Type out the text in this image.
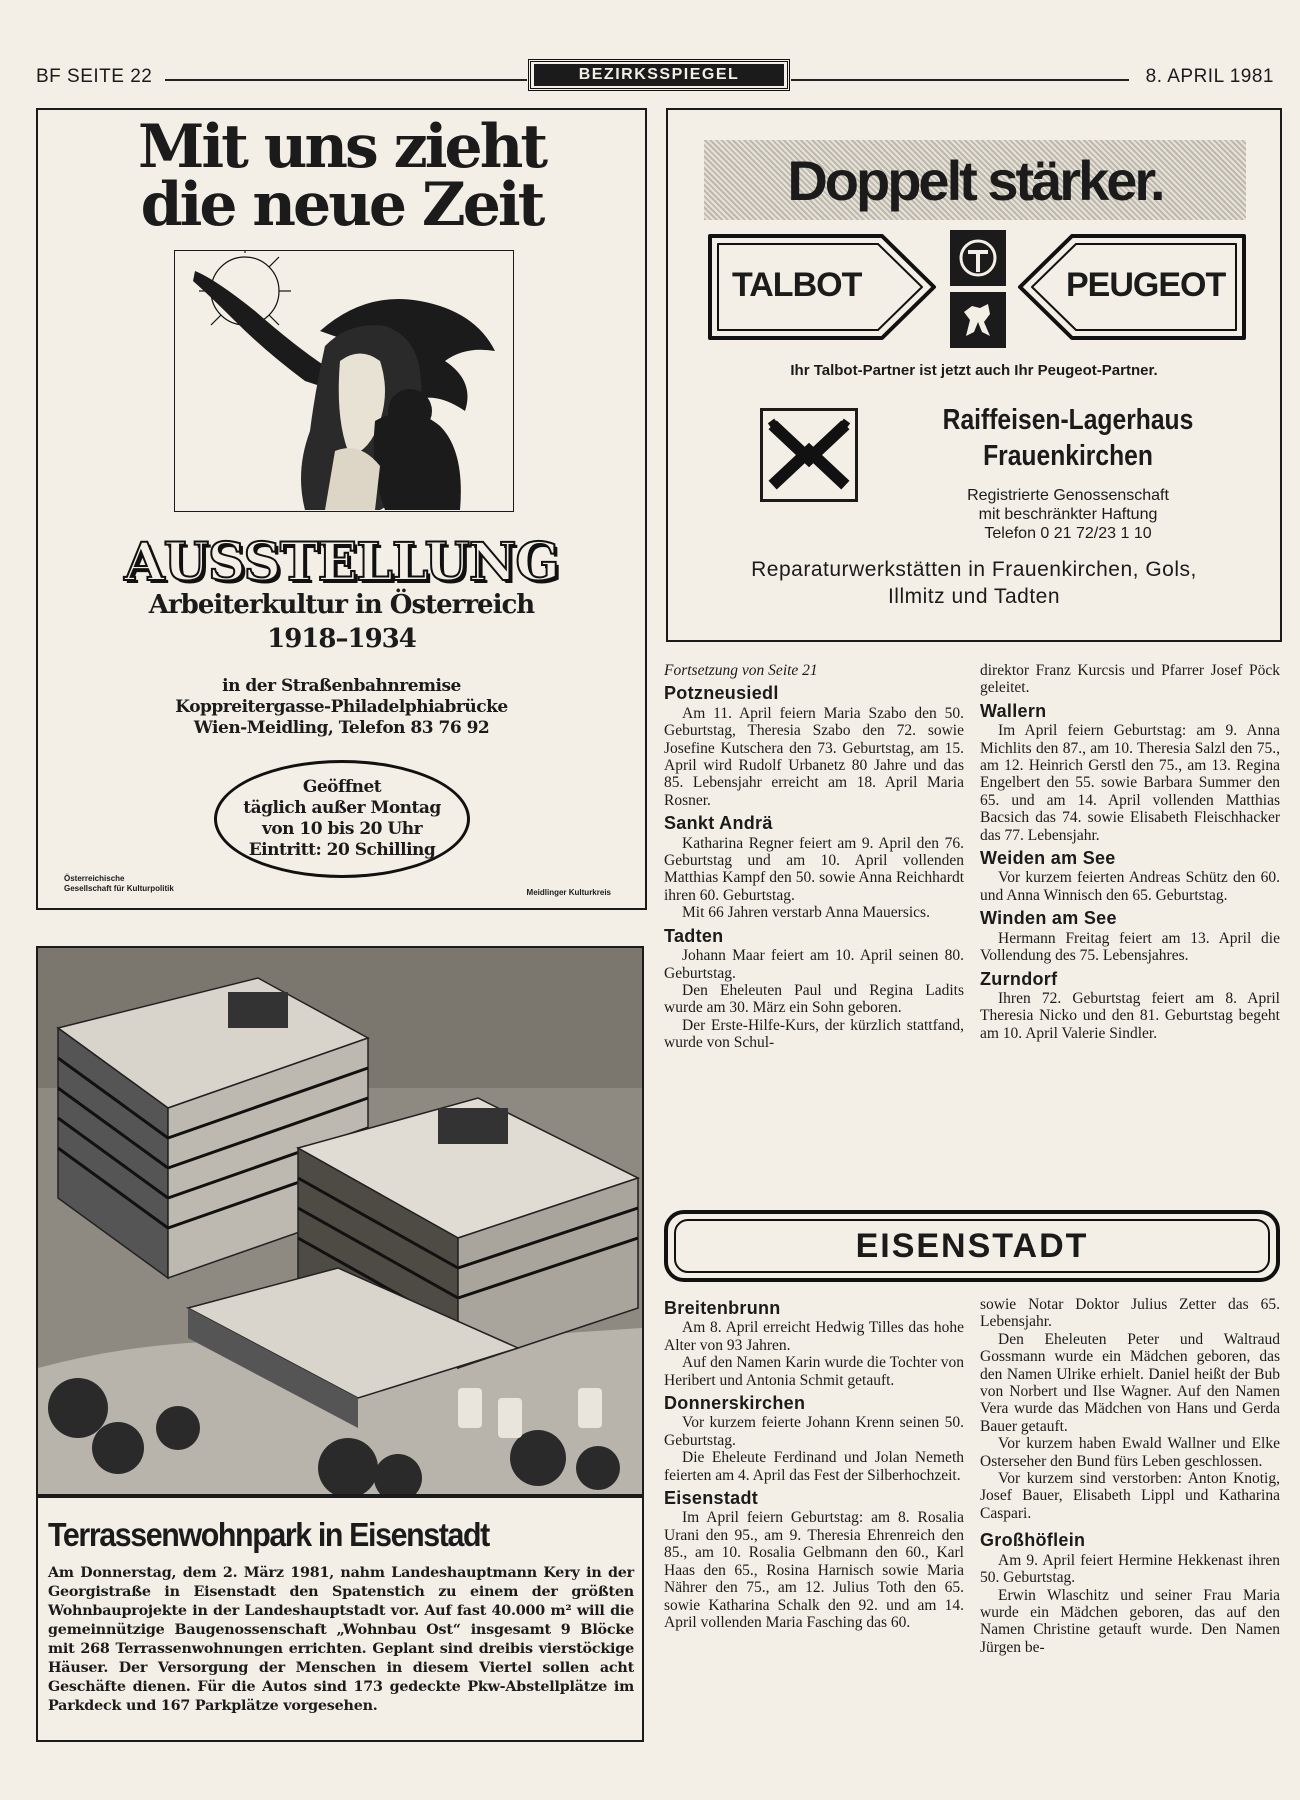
BF SEITE 22	BEZIRKSSPIEGEL	8. APRIL 1981
Mit uns zieht
die neue Zeit
AUSSTELLUNG
Arbeiterkultur in Österreich
1918–1934
in der Straßenbahnremise
Koppreitergasse-Philadelphiabrücke
Wien-Meidling, Telefon 83 76 92
Geöffnet
täglich außer Montag
von 10 bis 20 Uhr
Eintritt: 20 Schilling
Österreichische
Gesellschaft für Kulturpolitik	Meidlinger Kulturkreis
Doppelt stärker.
TALBOT	PEUGEOT
Ihr Talbot-Partner ist jetzt auch Ihr Peugeot-Partner.
Raiffeisen-Lagerhaus
Frauenkirchen
Registrierte Genossenschaft
mit beschränkter Haftung
Telefon 0 21 72/23 1 10
Reparaturwerkstätten in Frauenkirchen, Gols,
Illmitz und Tadten

Fortsetzung von Seite 21

Potzneusiedl

Am 11. April feiern Maria Szabo den 50. Geburtstag, Theresia Szabo den 72. sowie Josefine Kutschera den 73. Geburtstag, am 15. April wird Rudolf Urbanetz 80 Jahre und das 85. Lebensjahr erreicht am 18. April Maria Rosner.

Sankt Andrä

Katharina Regner feiert am 9. April den 76. Geburtstag und am 10. April vollenden Matthias Kampf den 50. sowie Anna Reichhardt ihren 60. Geburtstag.

Mit 66 Jahren verstarb Anna Mauersics.

Tadten

Johann Maar feiert am 10. April seinen 80. Geburtstag.

Den Eheleuten Paul und Regina Ladits wurde am 30. März ein Sohn geboren.

Der Erste-Hilfe-Kurs, der kürzlich stattfand, wurde von Schul-

direktor Franz Kurcsis und Pfarrer Josef Pöck geleitet.

Wallern

Im April feiern Geburtstag: am 9. Anna Michlits den 87., am 10. Theresia Salzl den 75., am 12. Heinrich Gerstl den 75., am 13. Regina Engelbert den 55. sowie Barbara Summer den 65. und am 14. April vollenden Matthias Bacsich das 74. sowie Elisabeth Fleischhacker das 77. Lebensjahr.

Weiden am See

Vor kurzem feierten Andreas Schütz den 60. und Anna Winnisch den 65. Geburtstag.

Winden am See

Hermann Freitag feiert am 13. April die Vollendung des 75. Lebensjahres.

Zurndorf

Ihren 72. Geburtstag feiert am 8. April Theresia Nicko und den 81. Geburtstag begeht am 10. April Valerie Sindler.

EISENSTADT
Breitenbrunn

Am 8. April erreicht Hedwig Tilles das hohe Alter von 93 Jahren.

Auf den Namen Karin wurde die Tochter von Heribert und Antonia Schmit getauft.

Donnerskirchen

Vor kurzem feierte Johann Krenn seinen 50. Geburtstag.

Die Eheleute Ferdinand und Jolan Nemeth feierten am 4. April das Fest der Silberhochzeit.

Eisenstadt

Im April feiern Geburtstag: am 8. Rosalia Urani den 95., am 9. Theresia Ehrenreich den 85., am 10. Rosalia Gelbmann den 60., Karl Haas den 65., Rosina Harnisch sowie Maria Nährer den 75., am 12. Julius Toth den 65. sowie Katharina Schalk den 92. und am 14. April vollenden Maria Fasching das 60.

sowie Notar Doktor Julius Zetter das 65. Lebensjahr.

Den Eheleuten Peter und Waltraud Gossmann wurde ein Mädchen geboren, das den Namen Ulrike erhielt. Daniel heißt der Bub von Norbert und Ilse Wagner. Auf den Namen Vera wurde das Mädchen von Hans und Gerda Bauer getauft.

Vor kurzem haben Ewald Wallner und Elke Osterseher den Bund fürs Leben geschlossen.

Vor kurzem sind verstorben: Anton Knotig, Josef Bauer, Elisabeth Lippl und Katharina Caspari.

Großhöflein

Am 9. April feiert Hermine Hekkenast ihren 50. Geburtstag.

Erwin Wlaschitz und seiner Frau Maria wurde ein Mädchen geboren, das auf den Namen Christine getauft wurde. Den Namen Jürgen be-

Terrassenwohnpark in Eisenstadt
Am Donnerstag, dem 2. März 1981, nahm Landeshauptmann Kery in der Georgistraße in Eisenstadt den Spatenstich zu einem der größten Wohnbauprojekte in der Landeshauptstadt vor. Auf fast 40.000 m² will die gemeinnützige Baugenossenschaft „Wohnbau Ost“ insgesamt 9 Blöcke mit 268 Terrassenwohnungen errichten. Geplant sind dreibis vierstöckige Häuser. Der Versorgung der Menschen in diesem Viertel sollen acht Geschäfte dienen. Für die Autos sind 173 gedeckte Pkw-Abstellplätze im Parkdeck und 167 Parkplätze vorgesehen.
